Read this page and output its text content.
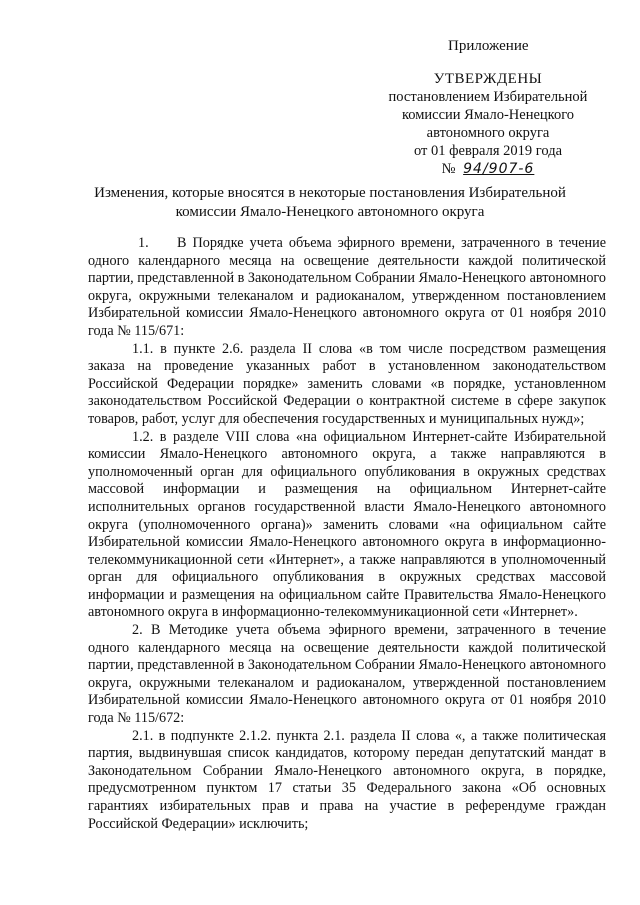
Приложение
УТВЕРЖДЕНЫ
постановлением Избирательной
комиссии Ямало-Ненецкого
автономного округа
от 01 февраля 2019 года
№ 94/907-6
Изменения, которые вносятся в некоторые постановления Избирательной
комиссии Ямало-Ненецкого автономного округа

1.  В Порядке учета объема эфирного времени, затраченного в течение одного календарного месяца на освещение деятельности каждой политической партии, представленной в Законодательном Собрании Ямало-Ненецкого автономного округа, окружными телеканалом и радиоканалом, утвержденном постановлением Избирательной комиссии Ямало-Ненецкого автономного округа от 01 ноября 2010 года № 115/671:

1.1. в пункте 2.6. раздела II слова «в том числе посредством размещения заказа на проведение указанных работ в установленном законодательством Российской Федерации порядке» заменить словами «в порядке, установленном законодательством Российской Федерации о контрактной системе в сфере закупок товаров, работ, услуг для обеспечения государственных и муниципальных нужд»;

1.2. в разделе VIII слова «на официальном Интернет-сайте Избирательной комиссии Ямало-Ненецкого автономного округа, а также направляются в уполномоченный орган для официального опубликования в окружных средствах массовой информации и размещения на официальном Интернет-сайте исполнительных органов государственной власти Ямало-Ненецкого автономного округа (уполномоченного органа)» заменить словами «на официальном сайте Избирательной комиссии Ямало-Ненецкого автономного округа в информационно-телекоммуникационной сети «Интернет», а также направляются в уполномоченный орган для официального опубликования в окружных средствах массовой информации и размещения на официальном сайте Правительства Ямало-Ненецкого автономного округа в информационно-телекоммуникационной сети «Интернет».

2. В Методике учета объема эфирного времени, затраченного в течение одного календарного месяца на освещение деятельности каждой политической партии, представленной в Законодательном Собрании Ямало-Ненецкого автономного округа, окружными телеканалом и радиоканалом, утвержденной постановлением Избирательной комиссии Ямало-Ненецкого автономного округа от 01 ноября 2010 года № 115/672:

2.1. в подпункте 2.1.2. пункта 2.1. раздела II слова «, а также политическая партия, выдвинувшая список кандидатов, которому передан депутатский мандат в Законодательном Собрании Ямало-Ненецкого автономного округа, в порядке, предусмотренном пунктом 17 статьи 35 Федерального закона «Об основных гарантиях избирательных прав и права на участие в референдуме граждан Российской Федерации» исключить;
